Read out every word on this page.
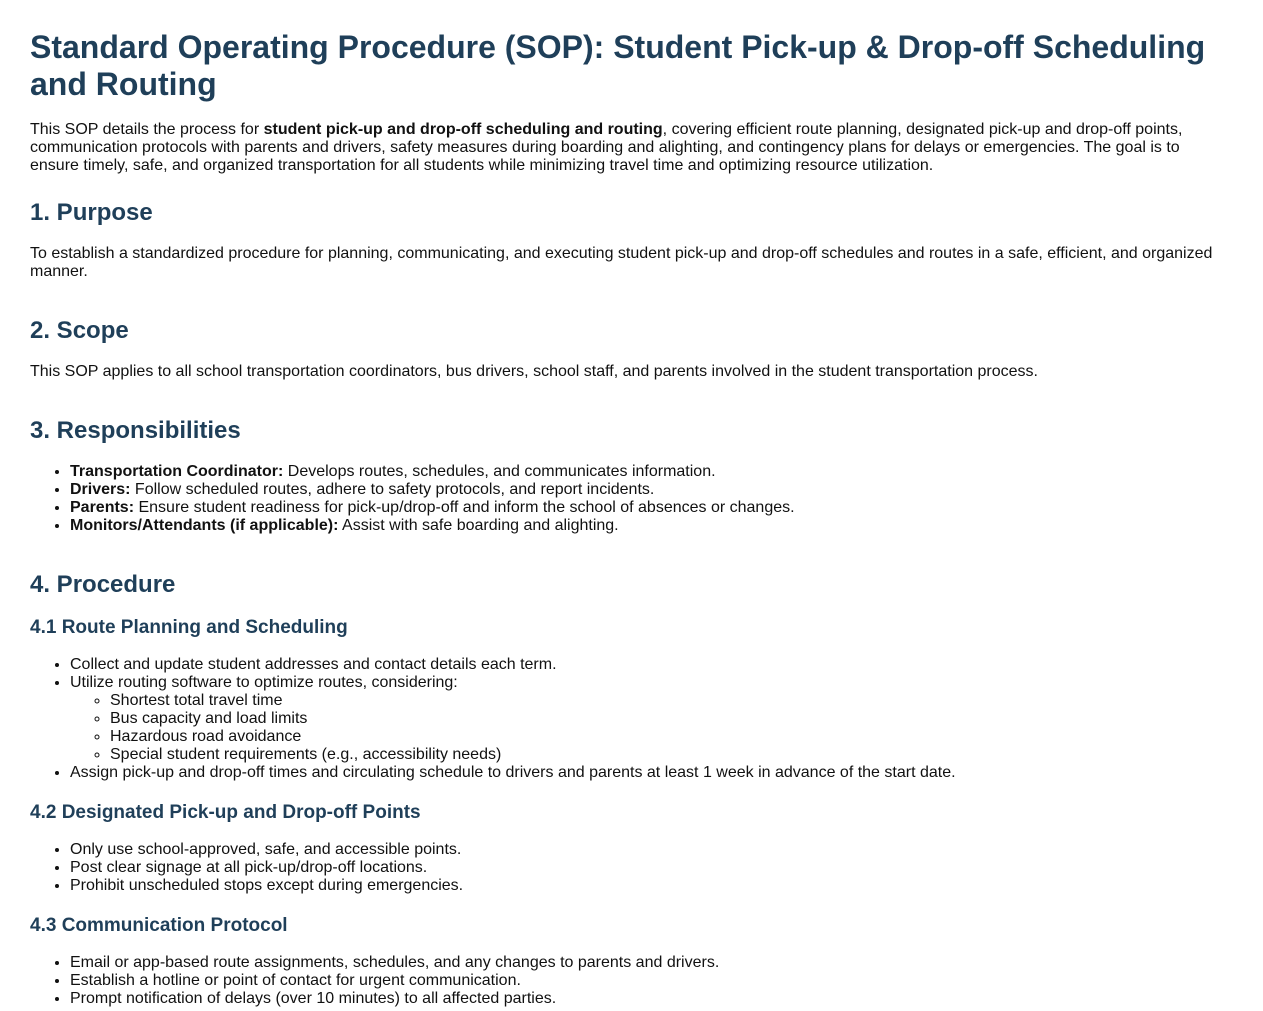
Standard Operating Procedure (SOP): Student Pick-up & Drop-off Scheduling and Routing

This SOP details the process for student pick-up and drop-off scheduling and routing, covering efficient route planning, designated pick-up and drop-off points, communication protocols with parents and drivers, safety measures during boarding and alighting, and contingency plans for delays or emergencies. The goal is to ensure timely, safe, and organized transportation for all students while minimizing travel time and optimizing resource utilization.

1. Purpose

To establish a standardized procedure for planning, communicating, and executing student pick-up and drop-off schedules and routes in a safe, efficient, and organized manner.

2. Scope

This SOP applies to all school transportation coordinators, bus drivers, school staff, and parents involved in the student transportation process.

3. Responsibilities
• Transportation Coordinator: Develops routes, schedules, and communicates information.
• Drivers: Follow scheduled routes, adhere to safety protocols, and report incidents.
• Parents: Ensure student readiness for pick-up/drop-off and inform the school of absences or changes.
• Monitors/Attendants (if applicable): Assist with safe boarding and alighting.
4. Procedure
4.1 Route Planning and Scheduling
• Collect and update student addresses and contact details each term.
• Utilize routing software to optimize routes, considering:
◦ Shortest total travel time
◦ Bus capacity and load limits
◦ Hazardous road avoidance
◦ Special student requirements (e.g., accessibility needs)
• Assign pick-up and drop-off times and circulating schedule to drivers and parents at least 1 week in advance of the start date.
4.2 Designated Pick-up and Drop-off Points
• Only use school-approved, safe, and accessible points.
• Post clear signage at all pick-up/drop-off locations.
• Prohibit unscheduled stops except during emergencies.
4.3 Communication Protocol
• Email or app-based route assignments, schedules, and any changes to parents and drivers.
• Establish a hotline or point of contact for urgent communication.
• Prompt notification of delays (over 10 minutes) to all affected parties.
